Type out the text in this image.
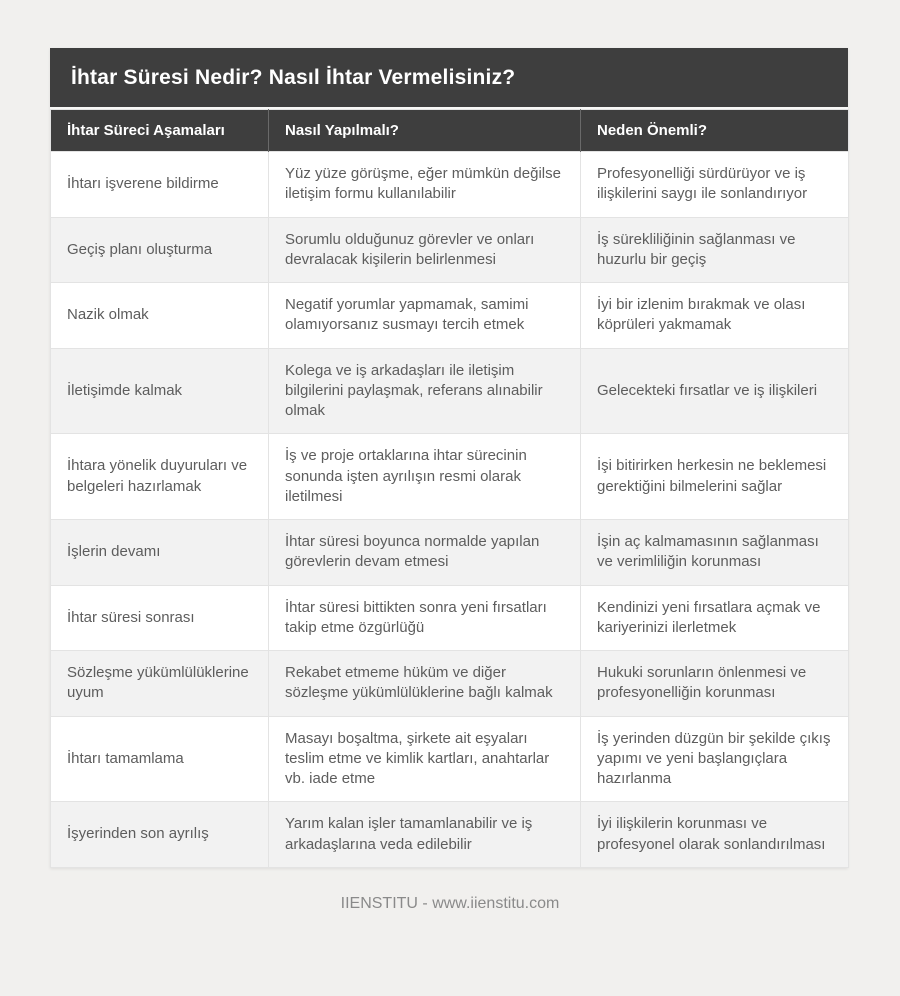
İhtar Süresi Nedir? Nasıl İhtar Vermelisiniz?
İhtar Süreci Aşamaları	Nasıl Yapılmalı?	Neden Önemli?
İhtarı işverene bildirme	Yüz yüze görüşme, eğer mümkün değilse iletişim formu kullanılabilir	Profesyonelliği sürdürüyor ve iş ilişkilerini saygı ile sonlandırıyor
Geçiş planı oluşturma	Sorumlu olduğunuz görevler ve onları devralacak kişilerin belirlenmesi	İş sürekliliğinin sağlanması ve huzurlu bir geçiş
Nazik olmak	Negatif yorumlar yapmamak, samimi olamıyorsanız susmayı tercih etmek	İyi bir izlenim bırakmak ve olası köprüleri yakmamak
İletişimde kalmak	Kolega ve iş arkadaşları ile iletişim bilgilerini paylaşmak, referans alınabilir olmak	Gelecekteki fırsatlar ve iş ilişkileri
İhtara yönelik duyuruları ve belgeleri hazırlamak	İş ve proje ortaklarına ihtar sürecinin sonunda işten ayrılışın resmi olarak iletilmesi	İşi bitirirken herkesin ne beklemesi gerektiğini bilmelerini sağlar
İşlerin devamı	İhtar süresi boyunca normalde yapılan görevlerin devam etmesi	İşin aç kalmamasının sağlanması ve verimliliğin korunması
İhtar süresi sonrası	İhtar süresi bittikten sonra yeni fırsatları takip etme özgürlüğü	Kendinizi yeni fırsatlara açmak ve kariyerinizi ilerletmek
Sözleşme yükümlülüklerine uyum	Rekabet etmeme hüküm ve diğer sözleşme yükümlülüklerine bağlı kalmak	Hukuki sorunların önlenmesi ve profesyonelliğin korunması
İhtarı tamamlama	Masayı boşaltma, şirkete ait eşyaları teslim etme ve kimlik kartları, anahtarlar vb. iade etme	İş yerinden düzgün bir şekilde çıkış yapımı ve yeni başlangıçlara hazırlanma
İşyerinden son ayrılış	Yarım kalan işler tamamlanabilir ve iş arkadaşlarına veda edilebilir	İyi ilişkilerin korunması ve profesyonel olarak sonlandırılması
IIENSTITU - www.iienstitu.com
